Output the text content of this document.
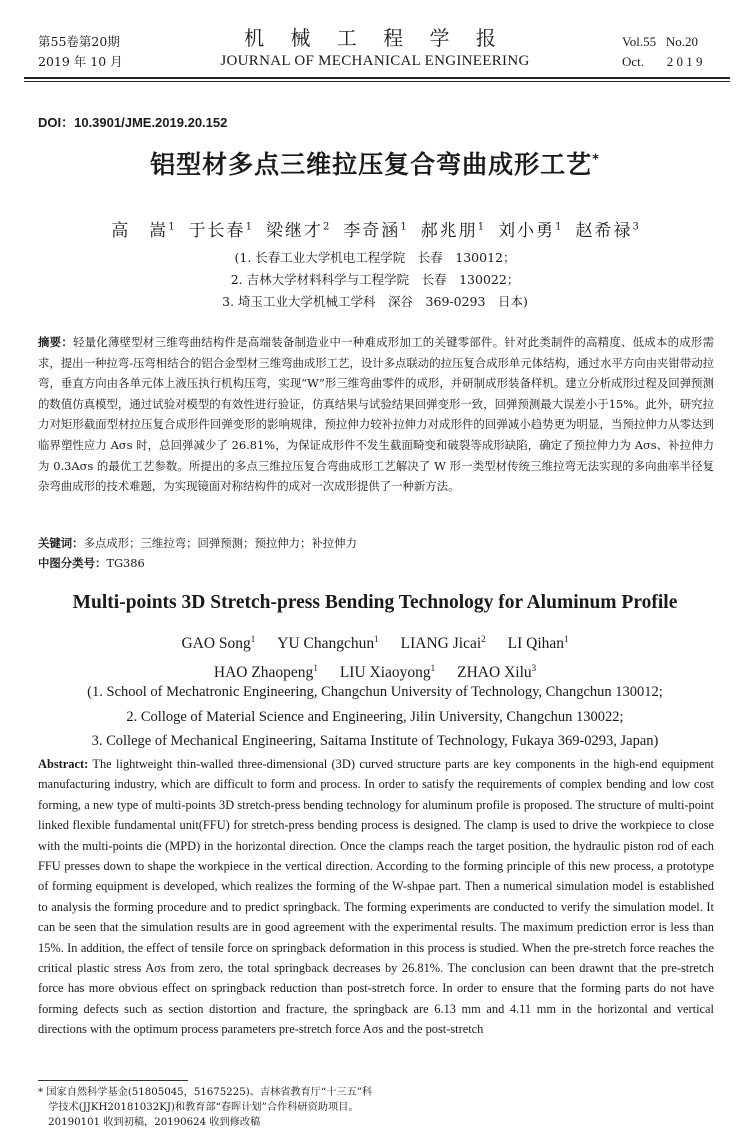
第55卷第20期
2019 年 10 月
机 械 工 程 学 报
JOURNAL OF MECHANICAL ENGINEERING
Vol.55 No.20
Oct. 2 0 1 9
DOI：10.3901/JME.2019.20.152
铝型材多点三维拉压复合弯曲成形工艺*
高　嵩$^1$ 于长春$^1$ 梁继才$^2$ 李奇涵$^1$ 郝兆朋$^1$ 刘小勇$^1$ 赵希禄$^3$
(1. 长春工业大学机电工程学院　长春　130012；
2. 吉林大学材料科学与工程学院　长春　130022；
3. 埼玉工业大学机械工学科　深谷　369-0293　日本)
摘要：轻量化薄壁型材三维弯曲结构件是高端装备制造业中一种难成形加工的关键零部件。针对此类制件的高精度、低成本的成形需求，提出一种拉弯-压弯相结合的铝合金型材三维弯曲成形工艺，设计多点联动的拉压复合成形单元体结构，通过水平方向由夹钳带动拉弯，垂直方向由各单元体上液压执行机构压弯，实现“W”形三维弯曲零件的成形，并研制成形装备样机。建立分析成形过程及回弹预测的数值仿真模型，通过试验对模型的有效性进行验证，仿真结果与试验结果回弹变形一致，回弹预测最大误差小于15%。此外，研究拉力对矩形截面型材拉压复合成形件回弹变形的影响规律，预拉伸力较补拉伸力对成形件的回弹减小趋势更为明显，当预拉伸力从零达到临界塑性应力 Aσs 时，总回弹减少了 26.81%，为保证成形件不发生截面畸变和破裂等成形缺陷，确定了预拉伸力为 Aσs、补拉伸力为 0.3Aσs 的最优工艺参数。所提出的多点三维拉压复合弯曲成形工艺解决了 W 形一类型材传统三维拉弯无法实现的多向曲率半径复杂弯曲成形的技术难题，为实现镜面对称结构件的成对一次成形提供了一种新方法。
关键词：多点成形；三维拉弯；回弹预测；预拉伸力；补拉伸力
中图分类号：TG386
Multi-points 3D Stretch-press Bending Technology for Aluminum Profile
GAO Song$^1$ YU Changchun$^1$ LIANG Jicai$^2$ LI Qihan$^1$
HAO Zhaopeng$^1$ LIU Xiaoyong$^1$ ZHAO Xilu$^3$
(1. School of Mechatronic Engineering, Changchun University of Technology, Changchun 130012;
2. Colloge of Material Science and Engineering, Jilin University, Changchun 130022;
3. College of Mechanical Engineering, Saitama Institute of Technology, Fukaya 369-0293, Japan)
Abstract: The lightweight thin-walled three-dimensional (3D) curved structure parts are key components in the high-end equipment manufacturing industry, which are difficult to form and process. In order to satisfy the requirements of complex bending and low cost forming, a new type of multi-points 3D stretch-press bending technology for aluminum profile is proposed. The structure of multi-point linked flexible fundamental unit(FFU) for stretch-press bending process is designed. The clamp is used to drive the workpiece to close with the multi-points die (MPD) in the horizontal direction. Once the clamps reach the target position, the hydraulic piston rod of each FFU presses down to shape the workpiece in the vertical direction. According to the forming principle of this new process, a prototype of forming equipment is developed, which realizes the forming of the W-shpae part. Then a numerical simulation model is established to analysis the forming procedure and to predict springback. The forming experiments are conducted to verify the simulation model. It can be seen that the simulation results are in good agreement with the experimental results. The maximum prediction error is less than 15%. In addition, the effect of tensile force on springback deformation in this process is studied. When the pre-stretch force reaches the critical plastic stress Aσs from zero, the total springback decreases by 26.81%. The conclusion can been drawnt that the pre-stretch force has more obvious effect on springback reduction than post-stretch force. In order to ensure that the forming parts do not have forming defects such as section distortion and fracture, the springback are 6.13 mm and 4.11 mm in the horizontal and vertical directions with the optimum process parameters pre-stretch force Aσs and the post-stretch
* 国家自然科学基金(51805045，51675225)、吉林省教育厅“十三五”科
　学技术(JJKH20181032KJ)和教育部“春晖计划”合作科研资助项目。
　20190101 收到初稿，20190624 收到修改稿
